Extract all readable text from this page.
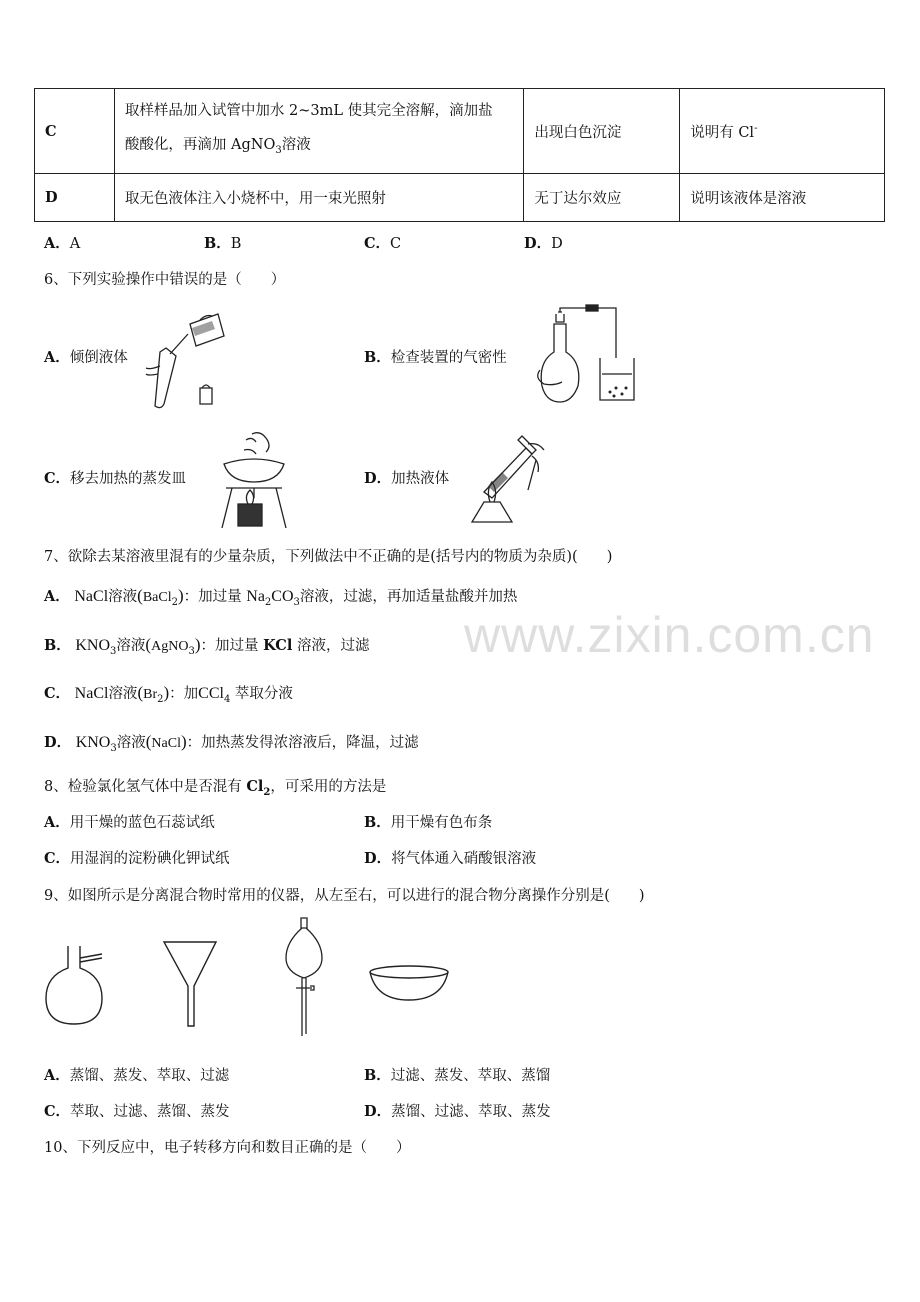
C	取样样品加入试管中加水 2~3mL 使其完全溶解，滴加盐
酸酸化，再滴加 AgNO$_3$溶液	出现白色沉淀	说明有 Cl-
D	取无色液体注入小烧杯中，用一束光照射	无丁达尔效应	说明该液体是溶液
A．A	B．B	C．C	D．D
6、下列实验操作中错误的是（　　）
A．倾倒液体	B．检查装置的气密性
C．移去加热的蒸发皿	D．加热液体
7、欲除去某溶液里混有的少量杂质，下列做法中不正确的是(括号内的物质为杂质)(　　)
A． NaCl溶液(BaCl$_2$)：加过量 $Na_2CO_3$溶液，过滤，再加适量盐酸并加热
B． $KNO_3$溶液(AgNO$_3$)：加过量 KCl 溶液，过滤
C． NaCl溶液$(Br_2)$：加CCl$_4$ 萃取分液
D． $KNO_3$溶液(NaCl)：加热蒸发得浓溶液后，降温，过滤
8、检验氯化氢气体中是否混有 $Cl_2$，可采用的方法是
A．用干燥的蓝色石蕊试纸	B．用干燥有色布条
C．用湿润的淀粉碘化钾试纸	D．将气体通入硝酸银溶液
9、如图所示是分离混合物时常用的仪器，从左至右，可以进行的混合物分离操作分别是(　　)
A．蒸馏、蒸发、萃取、过滤	B．过滤、蒸发、萃取、蒸馏
C．萃取、过滤、蒸馏、蒸发	D．蒸馏、过滤、萃取、蒸发
10、下列反应中，电子转移方向和数目正确的是（　　）
www.zixin.com.cn
